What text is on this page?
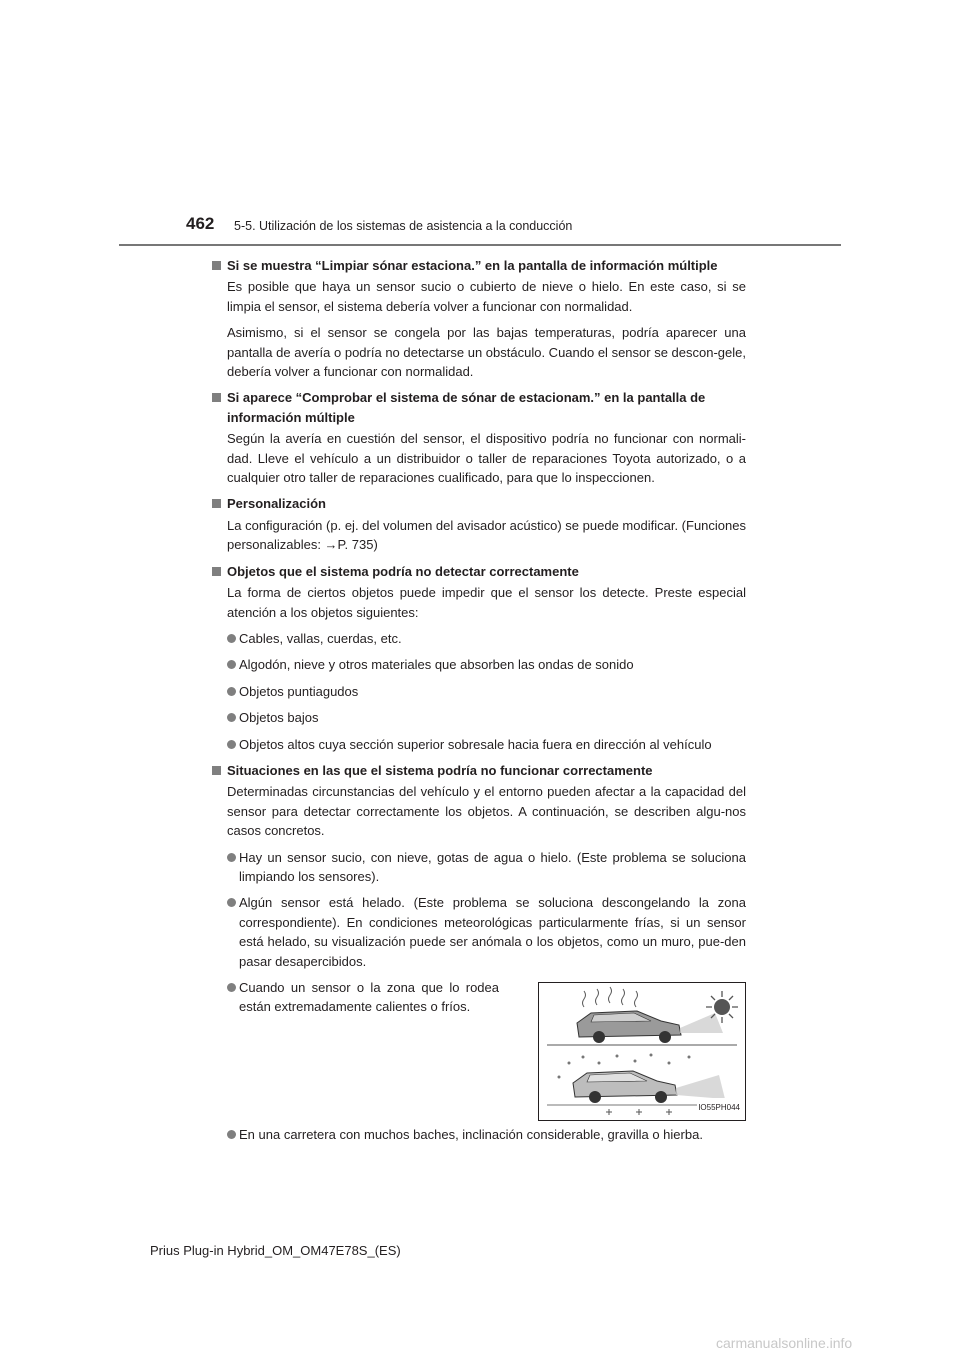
462 5-5. Utilización de los sistemas de asistencia a la conducción
Si se muestra “Limpiar sónar estaciona.” en la pantalla de información múltiple

Es posible que haya un sensor sucio o cubierto de nieve o hielo. En este caso, si se limpia el sensor, el sistema debería volver a funcionar con normalidad.

Asimismo, si el sensor se congela por las bajas temperaturas, podría aparecer una pantalla de avería o podría no detectarse un obstáculo. Cuando el sensor se descon-gele, debería volver a funcionar con normalidad.

Si aparece “Comprobar el sistema de sónar de estacionam.” en la pantalla de información múltiple

Según la avería en cuestión del sensor, el dispositivo podría no funcionar con normali-dad. Lleve el vehículo a un distribuidor o taller de reparaciones Toyota autorizado, o a cualquier otro taller de reparaciones cualificado, para que lo inspeccionen.

Personalización

La configuración (p. ej. del volumen del avisador acústico) se puede modificar. (Funciones personalizables: →P. 735)

Objetos que el sistema podría no detectar correctamente

La forma de ciertos objetos puede impedir que el sensor los detecte. Preste especial atención a los objetos siguientes:

Cables, vallas, cuerdas, etc.
Algodón, nieve y otros materiales que absorben las ondas de sonido
Objetos puntiagudos
Objetos bajos
Objetos altos cuya sección superior sobresale hacia fuera en dirección al vehículo
Situaciones en las que el sistema podría no funcionar correctamente

Determinadas circunstancias del vehículo y el entorno pueden afectar a la capacidad del sensor para detectar correctamente los objetos. A continuación, se describen algu-nos casos concretos.

Hay un sensor sucio, con nieve, gotas de agua o hielo. (Este problema se soluciona limpiando los sensores).
Algún sensor está helado. (Este problema se soluciona descongelando la zona correspondiente). En condiciones meteorológicas particularmente frías, si un sensor está helado, su visualización puede ser anómala o los objetos, como un muro, pue-den pasar desapercibidos.
Cuando un sensor o la zona que lo rodea están extremadamente calientes o fríos.
IO55PH044
En una carretera con muchos baches, inclinación considerable, gravilla o hierba.
Prius Plug-in Hybrid_OM_OM47E78S_(ES)
carmanualsonline.info
